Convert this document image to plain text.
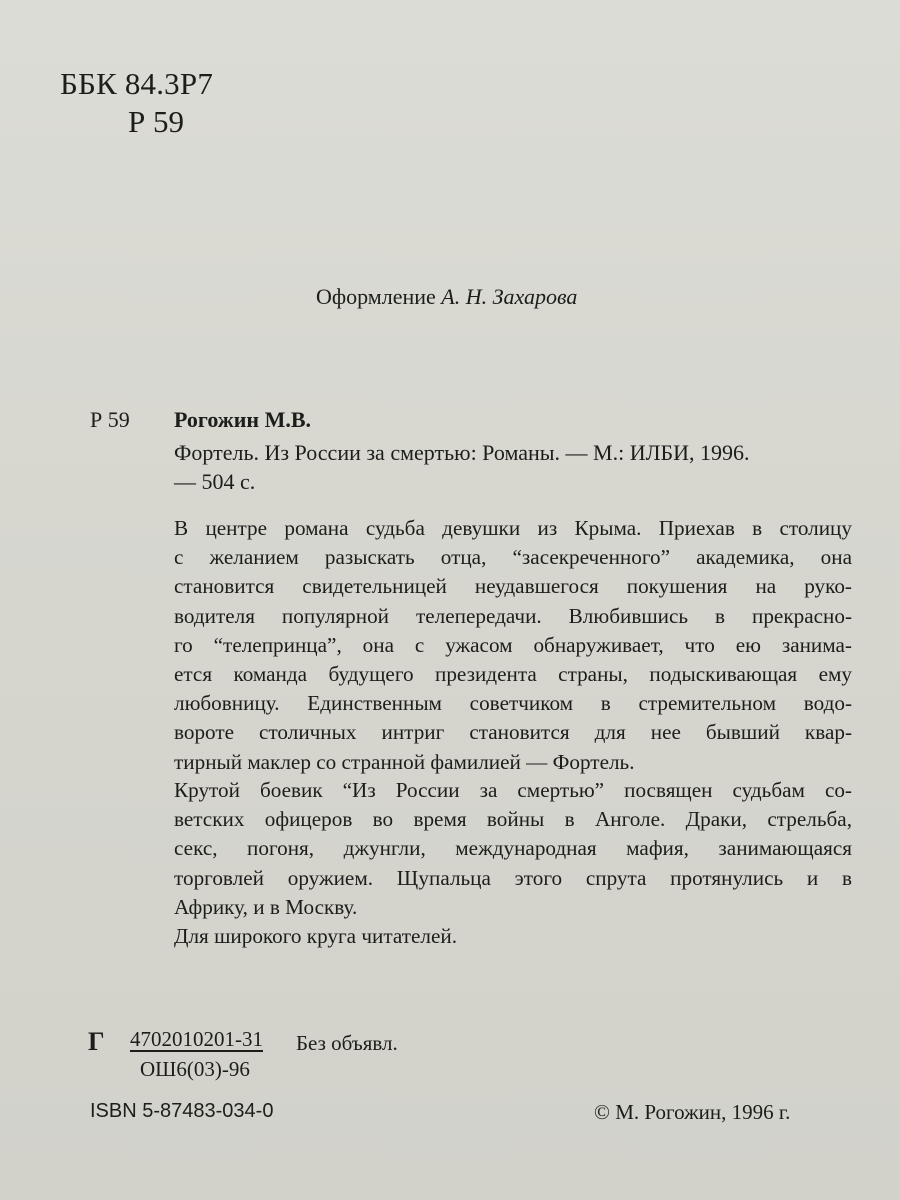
ББК 84.3Р7
Р 59
Оформление А. Н. Захарова
Р 59 Рогожин М.В.
Фортель. Из России за смертью: Романы. — М.: ИЛБИ, 1996.
— 504 с.
В центре романа судьба девушки из Крыма. Приехав в столицу
с желанием разыскать отца, “засекреченного” академика, она
становится свидетельницей неудавшегося покушения на руко-
водителя популярной телепередачи. Влюбившись в прекрасно-
го “телепринца”, она с ужасом обнаруживает, что ею занима-
ется команда будущего президента страны, подыскивающая ему
любовницу. Единственным советчиком в стремительном водо-
вороте столичных интриг становится для нее бывший квар-
тирный маклер со странной фамилией — Фортель.
Крутой боевик “Из России за смертью” посвящен судьбам со-
ветских офицеров во время войны в Анголе. Драки, стрельба,
секс, погоня, джунгли, международная мафия, занимающаяся
торговлей оружием. Щупальца этого спрута протянулись и в
Африку, и в Москву.
Для широкого круга читателей.
Г 4702010201-31 Без объявл.
ОШ6(03)-96
ISBN 5-87483-034-0	© М. Рогожин, 1996 г.
